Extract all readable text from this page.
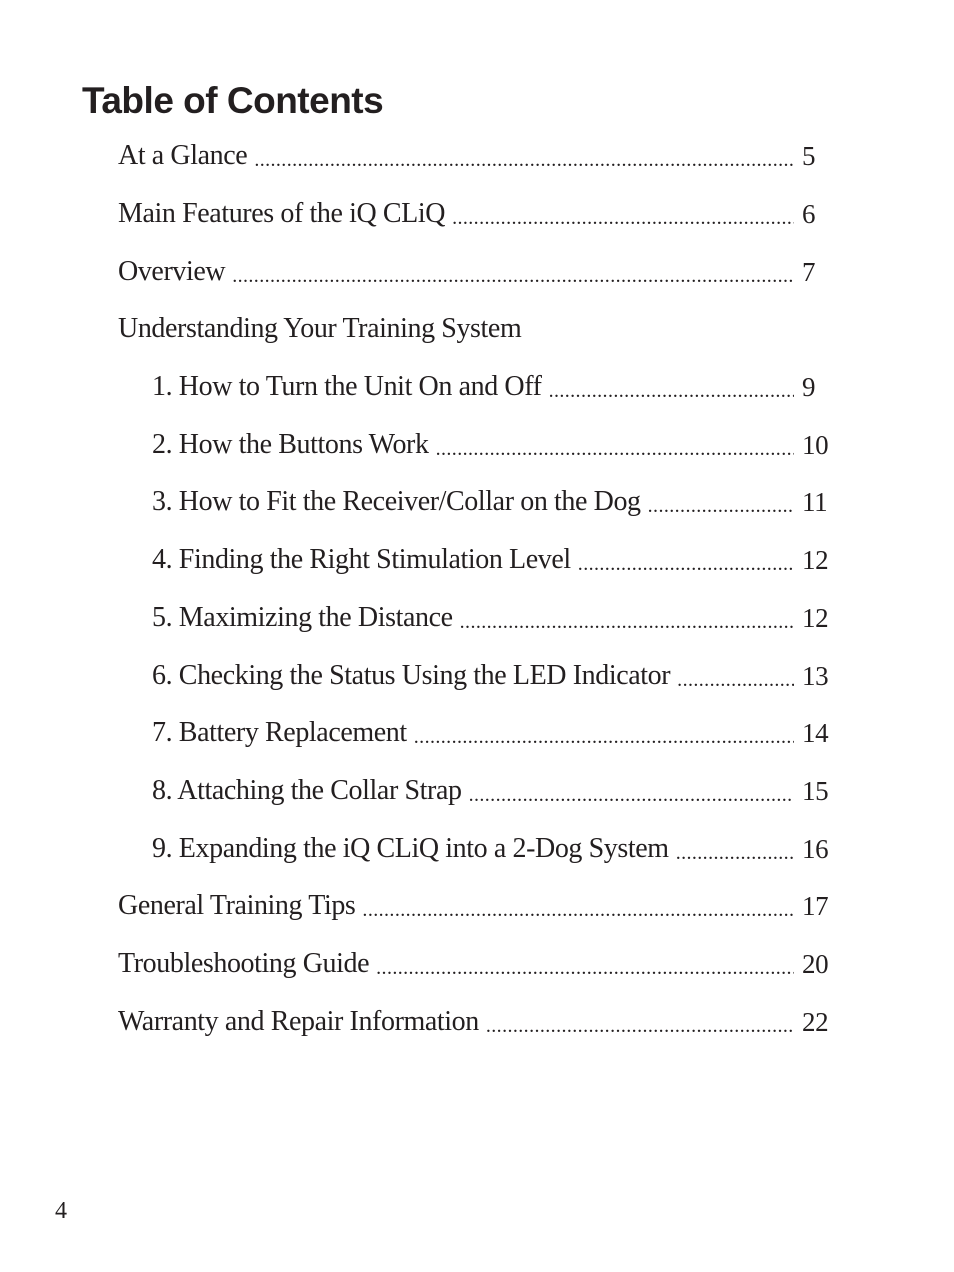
Table of Contents
At a Glance .....	5
Main Features of the iQ CLiQ .....	6
Overview .....	7
Understanding Your Training System
1. How to Turn the Unit On and Off .....	9
2. How the Buttons Work .....	10
3. How to Fit the Receiver/Collar on the Dog .....	11
4. Finding the Right Stimulation Level .....	12
5. Maximizing the Distance .....	12
6. Checking the Status Using the LED Indicator .....	13
7. Battery Replacement .....	14
8. Attaching the Collar Strap .....	15
9. Expanding the iQ CLiQ into a 2-Dog System .....	16
General Training Tips .....	17
Troubleshooting Guide .....	20
Warranty and Repair Information .....	22
4
